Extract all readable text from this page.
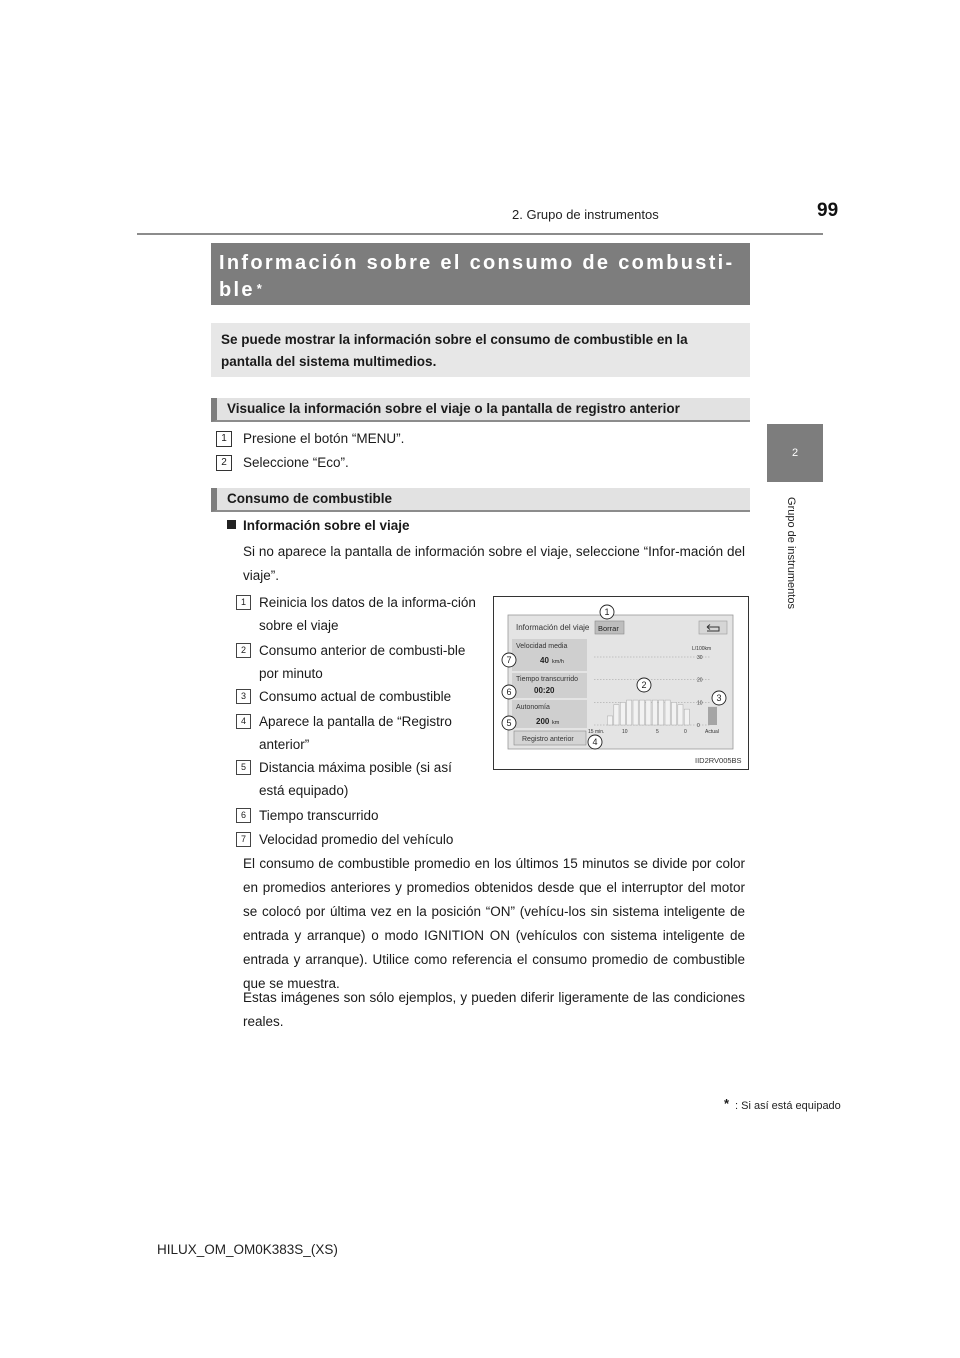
2. Grupo de instrumentos	99
2
Grupo de instrumentos
Información sobre el consumo de combusti-
ble *
Se puede mostrar la información sobre el consumo de combustible en la pantalla del sistema multimedios.
Visualice la información sobre el viaje o la pantalla de registro anterior
1	Presione el botón “MENU”.
2	Seleccione “Eco”.
Consumo de combustible
Información sobre el viaje
Si no aparece la pantalla de información sobre el viaje, seleccione “Infor-mación del viaje”.
1 Reinicia los datos de la informa-ción sobre el viaje
2 Consumo anterior de combusti-ble por minuto
3 Consumo actual de combustible
4 Aparece la pantalla de “Registro anterior”
5 Distancia máxima posible (si así está equipado)
6 Tiempo transcurrido
7 Velocidad promedio del vehículo
Información del viaje Borrar
Velocidad media
40 km/h
Tiempo transcurrido
00:20
Autonomía
200 km
Registro anterior
L/100km
30
20
10
0
15 min.	10	5	0	Actual
1
2
3
4
5
6
7
IID2RV005BS
El consumo de combustible promedio en los últimos 15 minutos se divide por color en promedios anteriores y promedios obtenidos desde que el interruptor del motor se colocó por última vez en la posición “ON” (vehícu-los sin sistema inteligente de entrada y arranque) o modo IGNITION ON (vehículos con sistema inteligente de entrada y arranque). Utilice como referencia el consumo promedio de combustible que se muestra.
Estas imágenes son sólo ejemplos, y pueden diferir ligeramente de las condiciones reales.
* : Si así está equipado
HILUX_OM_OM0K383S_(XS)
